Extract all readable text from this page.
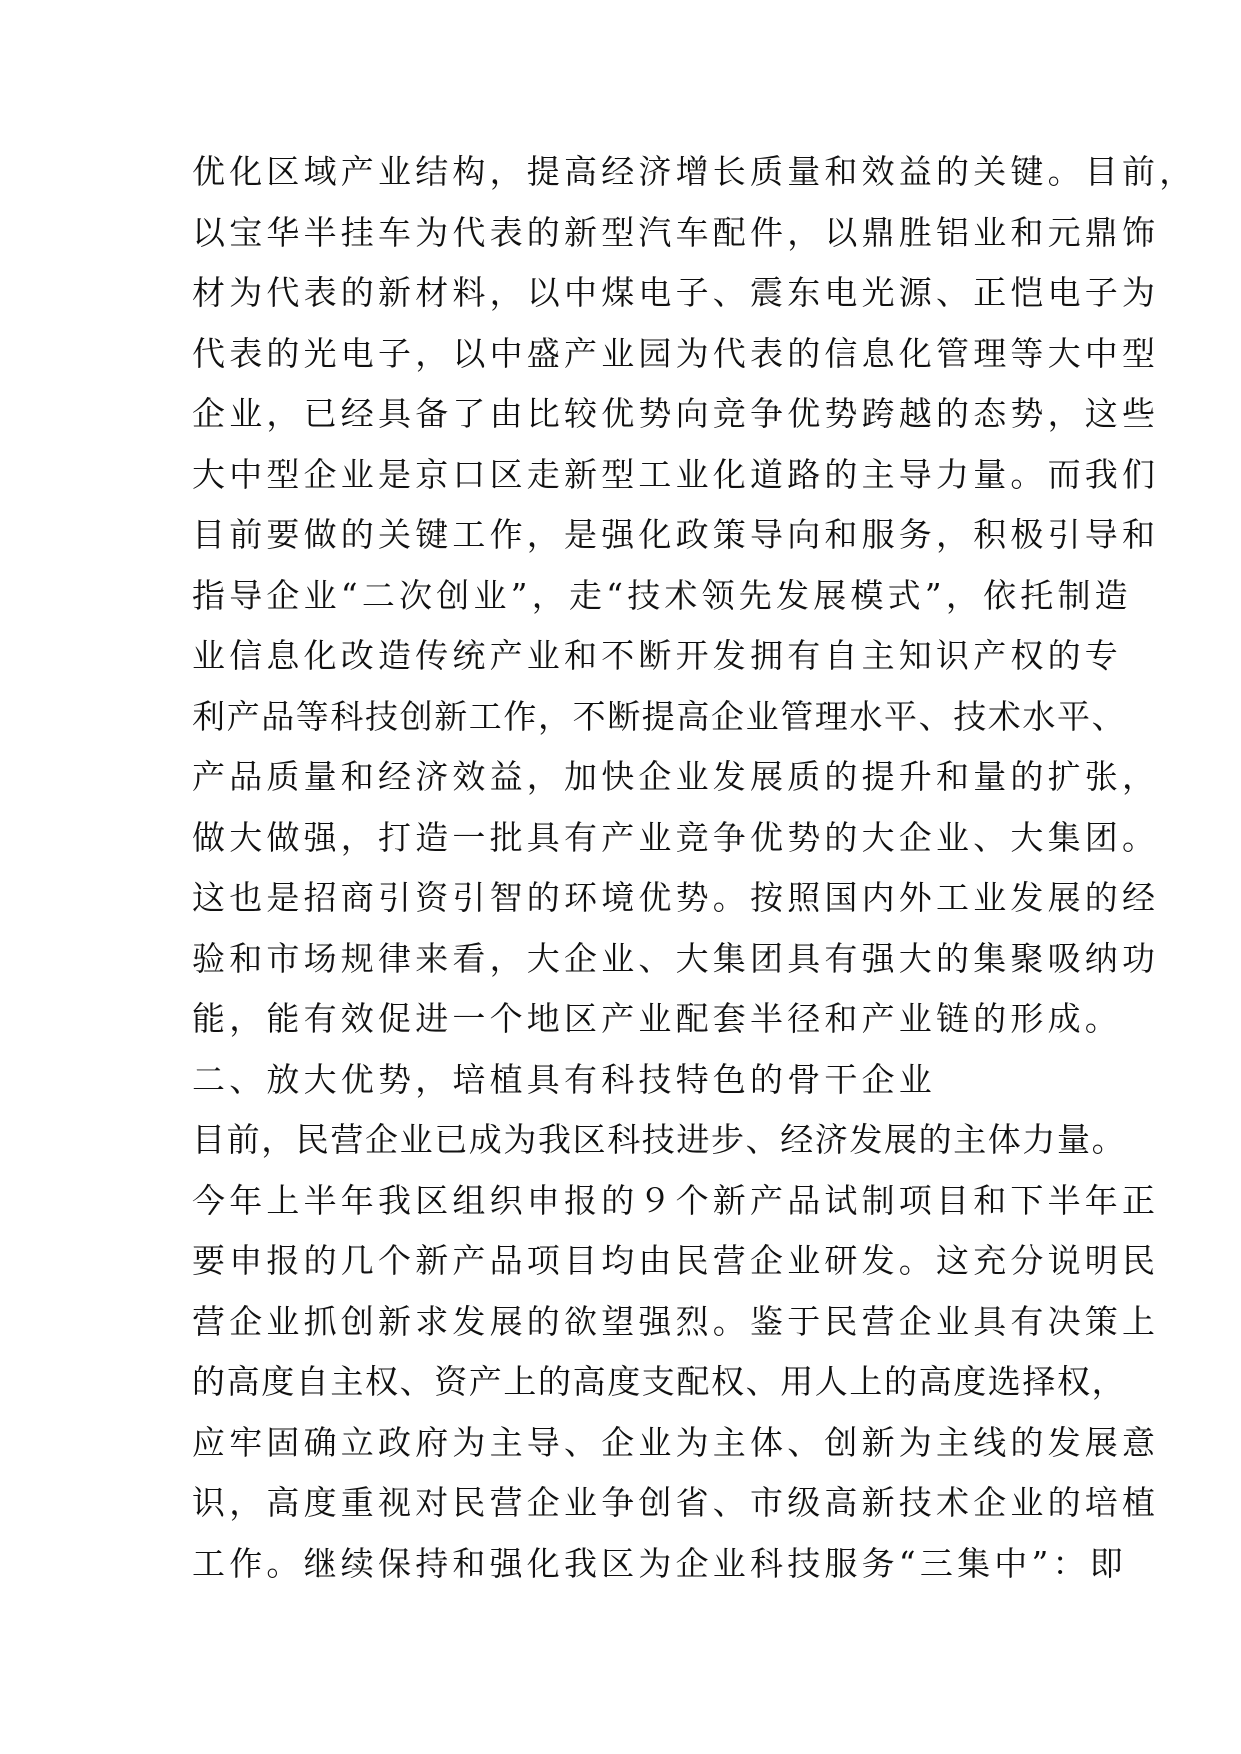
优化区域产业结构，提高经济增长质量和效益的关键。目前，
以宝华半挂车为代表的新型汽车配件，以鼎胜铝业和元鼎饰
材为代表的新材料，以中煤电子、震东电光源、正恺电子为
代表的光电子，以中盛产业园为代表的信息化管理等大中型
企业，已经具备了由比较优势向竞争优势跨越的态势，这些
大中型企业是京口区走新型工业化道路的主导力量。而我们
目前要做的关键工作，是强化政策导向和服务，积极引导和
指导企业“二次创业”，走“技术领先发展模式”，依托制造
业信息化改造传统产业和不断开发拥有自主知识产权的专
利产品等科技创新工作，不断提高企业管理水平、技术水平、
产品质量和经济效益，加快企业发展质的提升和量的扩张，
做大做强，打造一批具有产业竞争优势的大企业、大集团。
这也是招商引资引智的环境优势。按照国内外工业发展的经
验和市场规律来看，大企业、大集团具有强大的集聚吸纳功
能，能有效促进一个地区产业配套半径和产业链的形成。
二、放大优势，培植具有科技特色的骨干企业
目前，民营企业已成为我区科技进步、经济发展的主体力量。
今年上半年我区组织申报的９个新产品试制项目和下半年正
要申报的几个新产品项目均由民营企业研发。这充分说明民
营企业抓创新求发展的欲望强烈。鉴于民营企业具有决策上
的高度自主权、资产上的高度支配权、用人上的高度选择权，
应牢固确立政府为主导、企业为主体、创新为主线的发展意
识，高度重视对民营企业争创省、市级高新技术企业的培植
工作。继续保持和强化我区为企业科技服务“三集中”：即
